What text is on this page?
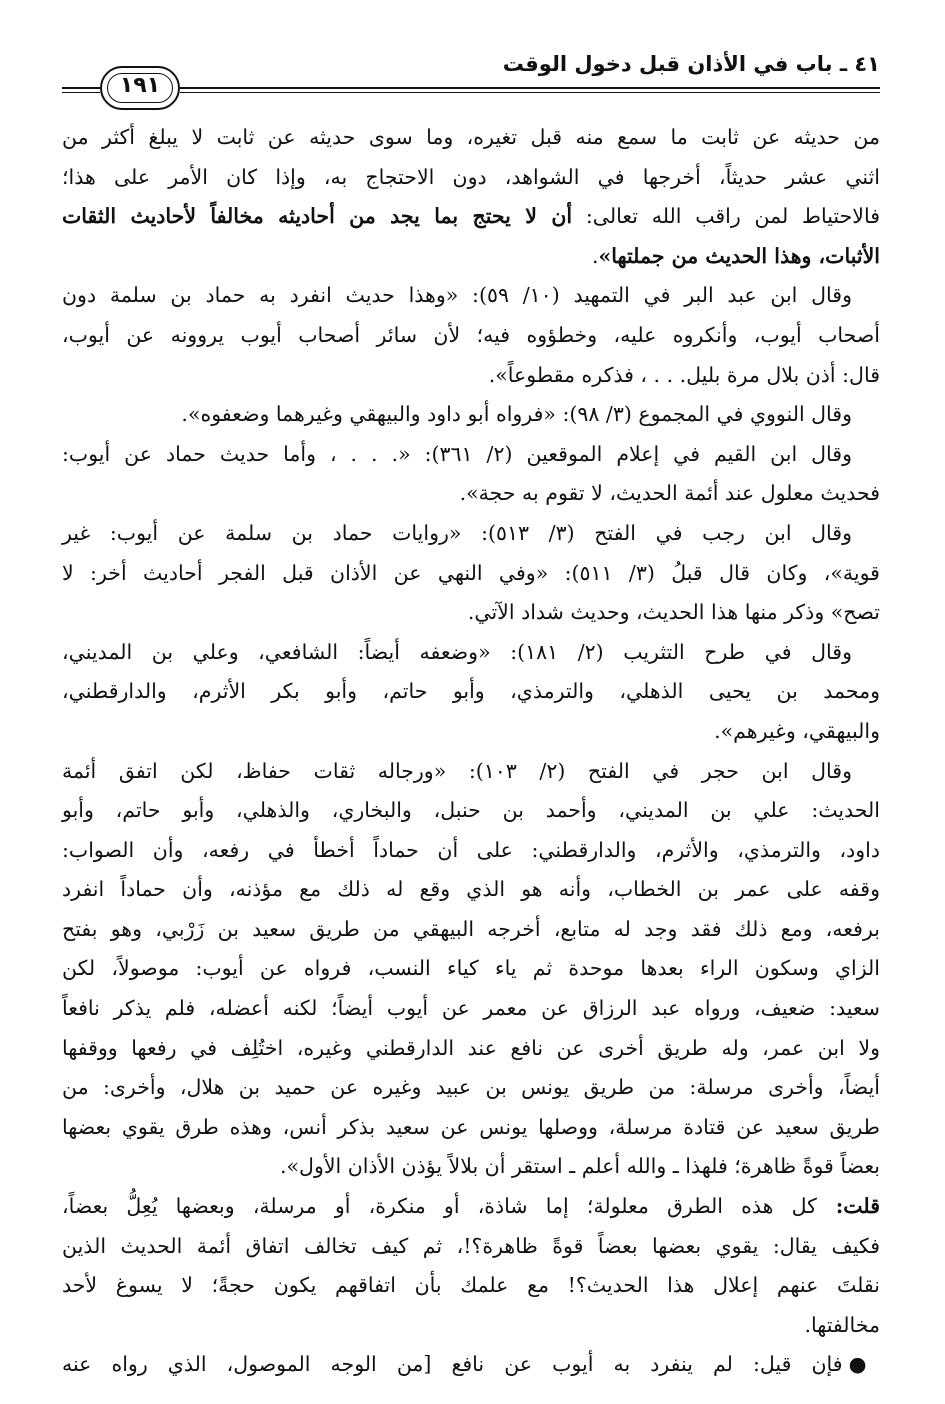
٤١ ـ باب في الأذان قبل دخول الوقت
١٩١
من حديثه عن ثابت ما سمع منه قبل تغيره، وما سوى حديثه عن ثابت لا يبلغ أكثر من
اثني عشر حديثاً، أخرجها في الشواهد، دون الاحتجاج به، وإذا كان الأمر على هذا؛
فالاحتياط لمن راقب الله تعالى: أن لا يحتج بما يجد من أحاديثه مخالفاً لأحاديث الثقات
الأثبات، وهذا الحديث من جملتها».
وقال ابن عبد البر في التمهيد (١٠/ ٥٩): «وهذا حديث انفرد به حماد بن سلمة دون
أصحاب أيوب، وأنكروه عليه، وخطؤوه فيه؛ لأن سائر أصحاب أيوب يروونه عن أيوب،
قال: أذن بلال مرة بليل. . . ، فذكره مقطوعاً».
وقال النووي في المجموع (٣/ ٩٨): «فرواه أبو داود والبيهقي وغيرهما وضعفوه».
وقال ابن القيم في إعلام الموقعين (٢/ ٣٦١): «. . . ، وأما حديث حماد عن أيوب:
فحديث معلول عند أئمة الحديث، لا تقوم به حجة».
وقال ابن رجب في الفتح (٣/ ٥١٣): «روايات حماد بن سلمة عن أيوب: غير
قوية»، وكان قال قبلُ (٣/ ٥١١): «وفي النهي عن الأذان قبل الفجر أحاديث أخر: لا
تصح» وذكر منها هذا الحديث، وحديث شداد الآتي.
وقال في طرح التثريب (٢/ ١٨١): «وضعفه أيضاً: الشافعي، وعلي بن المديني،
ومحمد بن يحيى الذهلي، والترمذي، وأبو حاتم، وأبو بكر الأثرم، والدارقطني،
والبيهقي، وغيرهم».
وقال ابن حجر في الفتح (٢/ ١٠٣): «ورجاله ثقات حفاظ، لكن اتفق أئمة
الحديث: علي بن المديني، وأحمد بن حنبل، والبخاري، والذهلي، وأبو حاتم، وأبو
داود، والترمذي، والأثرم، والدارقطني: على أن حماداً أخطأ في رفعه، وأن الصواب:
وقفه على عمر بن الخطاب، وأنه هو الذي وقع له ذلك مع مؤذنه، وأن حماداً انفرد
برفعه، ومع ذلك فقد وجد له متابع، أخرجه البيهقي من طريق سعيد بن زَرْبي، وهو بفتح
الزاي وسكون الراء بعدها موحدة ثم ياء كياء النسب، فرواه عن أيوب: موصولاً، لكن
سعيد: ضعيف، ورواه عبد الرزاق عن معمر عن أيوب أيضاً؛ لكنه أعضله، فلم يذكر نافعاً
ولا ابن عمر، وله طريق أخرى عن نافع عند الدارقطني وغيره، اختُلِف في رفعها ووقفها
أيضاً، وأخرى مرسلة: من طريق يونس بن عبيد وغيره عن حميد بن هلال، وأخرى: من
طريق سعيد عن قتادة مرسلة، ووصلها يونس عن سعيد بذكر أنس، وهذه طرق يقوي بعضها
بعضاً قوةً ظاهرة؛ فلهذا ـ والله أعلم ـ استقر أن بلالاً يؤذن الأذان الأول».
قلت: كل هذه الطرق معلولة؛ إما شاذة، أو منكرة، أو مرسلة، وبعضها يُعِلُّ بعضاً،
فكيف يقال: يقوي بعضها بعضاً قوةً ظاهرة؟!، ثم كيف تخالف اتفاق أئمة الحديث الذين
نقلتَ عنهم إعلال هذا الحديث؟! مع علمك بأن اتفاقهم يكون حجةً؛ لا يسوغ لأحد
مخالفتها.
●فإن قيل: لم ينفرد به أيوب عن نافع [من الوجه الموصول، الذي رواه عنه
